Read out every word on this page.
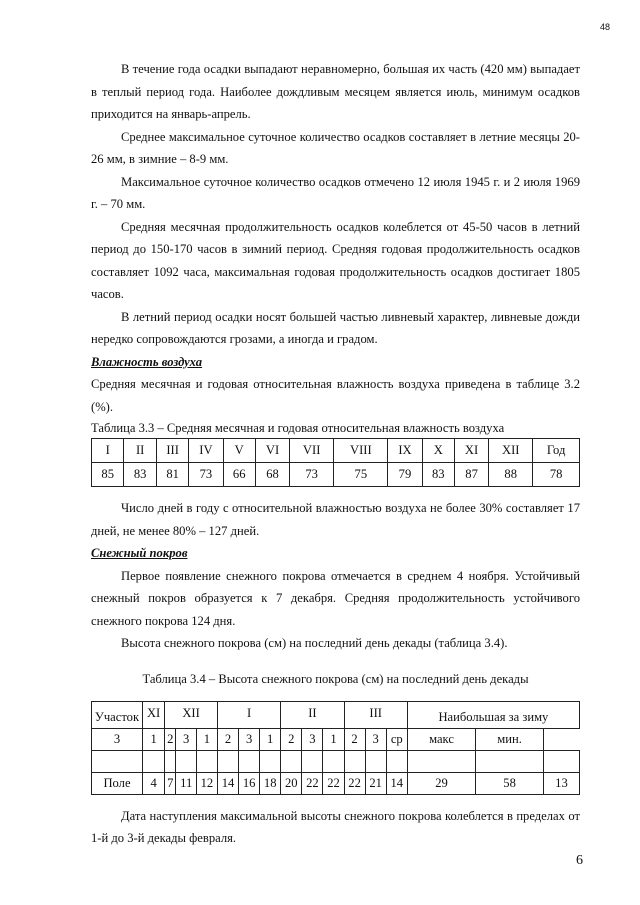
48

В течение года осадки выпадают неравномерно, большая их часть (420 мм) выпадает в теплый период года. Наиболее дождливым месяцем является июль, минимум осадков приходится на январь-апрель.

Среднее максимальное суточное количество осадков составляет в летние месяцы 20-26 мм, в зимние – 8-9 мм.

Максимальное суточное количество осадков отмечено 12 июля 1945 г. и 2 июля 1969 г. – 70 мм.

Средняя месячная продолжительность осадков колеблется от 45-50 часов в летний период до 150-170 часов в зимний период. Средняя годовая продолжительность осадков составляет 1092 часа, максимальная годовая продолжительность осадков достигает 1805 часов.

В летний период осадки носят большей частью ливневый характер, ливневые дожди нередко сопровождаются грозами, а иногда и градом.

Влажность воздуха

Средняя месячная и годовая относительная влажность воздуха приведена в таблице 3.2 (%).

Таблица 3.3 – Средняя месячная и годовая относительная влажность воздуха
I	II	III	IV	V	VI	VII	VIII	IX	X	XI	XII	Год
85	83	81	73	66	68	73	75	79	83	87	88	78

Число дней в году с относительной влажностью воздуха не более 30% составляет 17 дней, не менее 80% – 127 дней.

Снежный покров

Первое появление снежного покрова отмечается в среднем 4 ноября. Устойчивый снежный покров образуется к 7 декабря. Средняя продолжительность устойчивого снежного покрова 124 дня.

Высота снежного покрова (см) на последний день декады (таблица 3.4).

Таблица 3.4 – Высота снежного покрова (см) на последний день декады
Участок	XI	XII			I			II			III			Наибольшая за зиму		

3	1	2	3	1	2	3	1	2	3	1	2	3	ср	макс	мин.	

Поле	4	7	11	12	14	16	18	20	22	22	22	21	14	29	58	13

Дата наступления максимальной высоты снежного покрова колеблется в пределах от 1-й до 3-й декады февраля.

6
